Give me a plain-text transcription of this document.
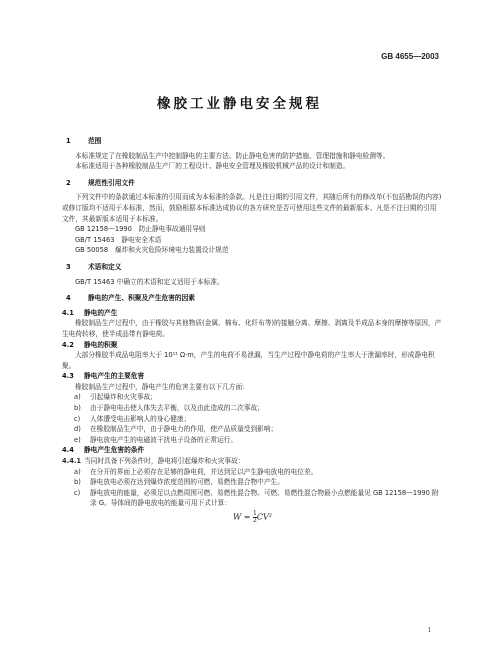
GB 4655—2003
橡胶工业静电安全规程
1	范围

本标准规定了在橡胶制品生产中控制静电的主要方法、防止静电危害的防护措施、管理措施和静电检测等。

本标准适用于各种橡胶制品生产厂的工程设计、静电安全管理及橡胶机械产品的设计和制造。

2	规范性引用文件

下列文件中的条款通过本标准的引用而成为本标准的条款。凡是注日期的引用文件，其随后所有的修改单(不包括勘误的内容)或修订版均不适用于本标准，然而，鼓励根据本标准达成协议的各方研究是否可使用这些文件的最新版本。凡是不注日期的引用文件，其最新版本适用于本标准。

GB 12158—1990　防止静电事故通用导则

GB/T 15463　静电安全术语

GB 50058　爆炸和火灾危险环境电力装置设计规范

3	术语和定义

GB/T 15463 中确立的术语和定义适用于本标准。

4	静电的产生、积聚及产生危害的因素
4.1 静电的产生

橡胶制品生产过程中，由于橡胶与其他物质(金属、棉布、化纤布等)的接触分离、摩擦、剥离及半成品本身的摩擦等原因，产生电荷转移，使半成品带有静电荷。

4.2 静电的积聚

大部分橡胶半成品电阻率大于 10¹¹ Ω·m，产生的电荷不易泄漏，当生产过程中静电荷的产生率大于泄漏率时，形成静电积聚。

4.3 静电产生的主要危害

橡胶制品生产过程中，静电产生的危害主要有以下几方面：

a) 引起爆炸和火灾事故；

b) 由于静电电击使人体失去平衡，以及由此造成的二次事故；

c) 人体遭受电击影响人的身心健康；

d) 在橡胶制品生产中，由于静电力的作用，使产品质量受到影响；

e) 静电放电产生的电磁波干扰电子设备的正常运行。

4.4 静电产生危害的条件

4.4.1 当同时具备下列条件时，静电将引起爆炸和火灾事故：

a) 在分开的界面上必须存在足够的静电荷，并达到足以产生静电放电的电位差。

b) 静电放电必须在达到爆炸浓度范围的可燃、易燃性混合物中产生。

c) 静电放电的能量，必须足以点燃周围可燃、易燃性混合物。可燃、易燃性混合物最小点燃能量见 GB 12158—1990 附录 G。导体间的静电放电的能量可用下式计算：

$W = \frac{1}{2} CV^2$
1
